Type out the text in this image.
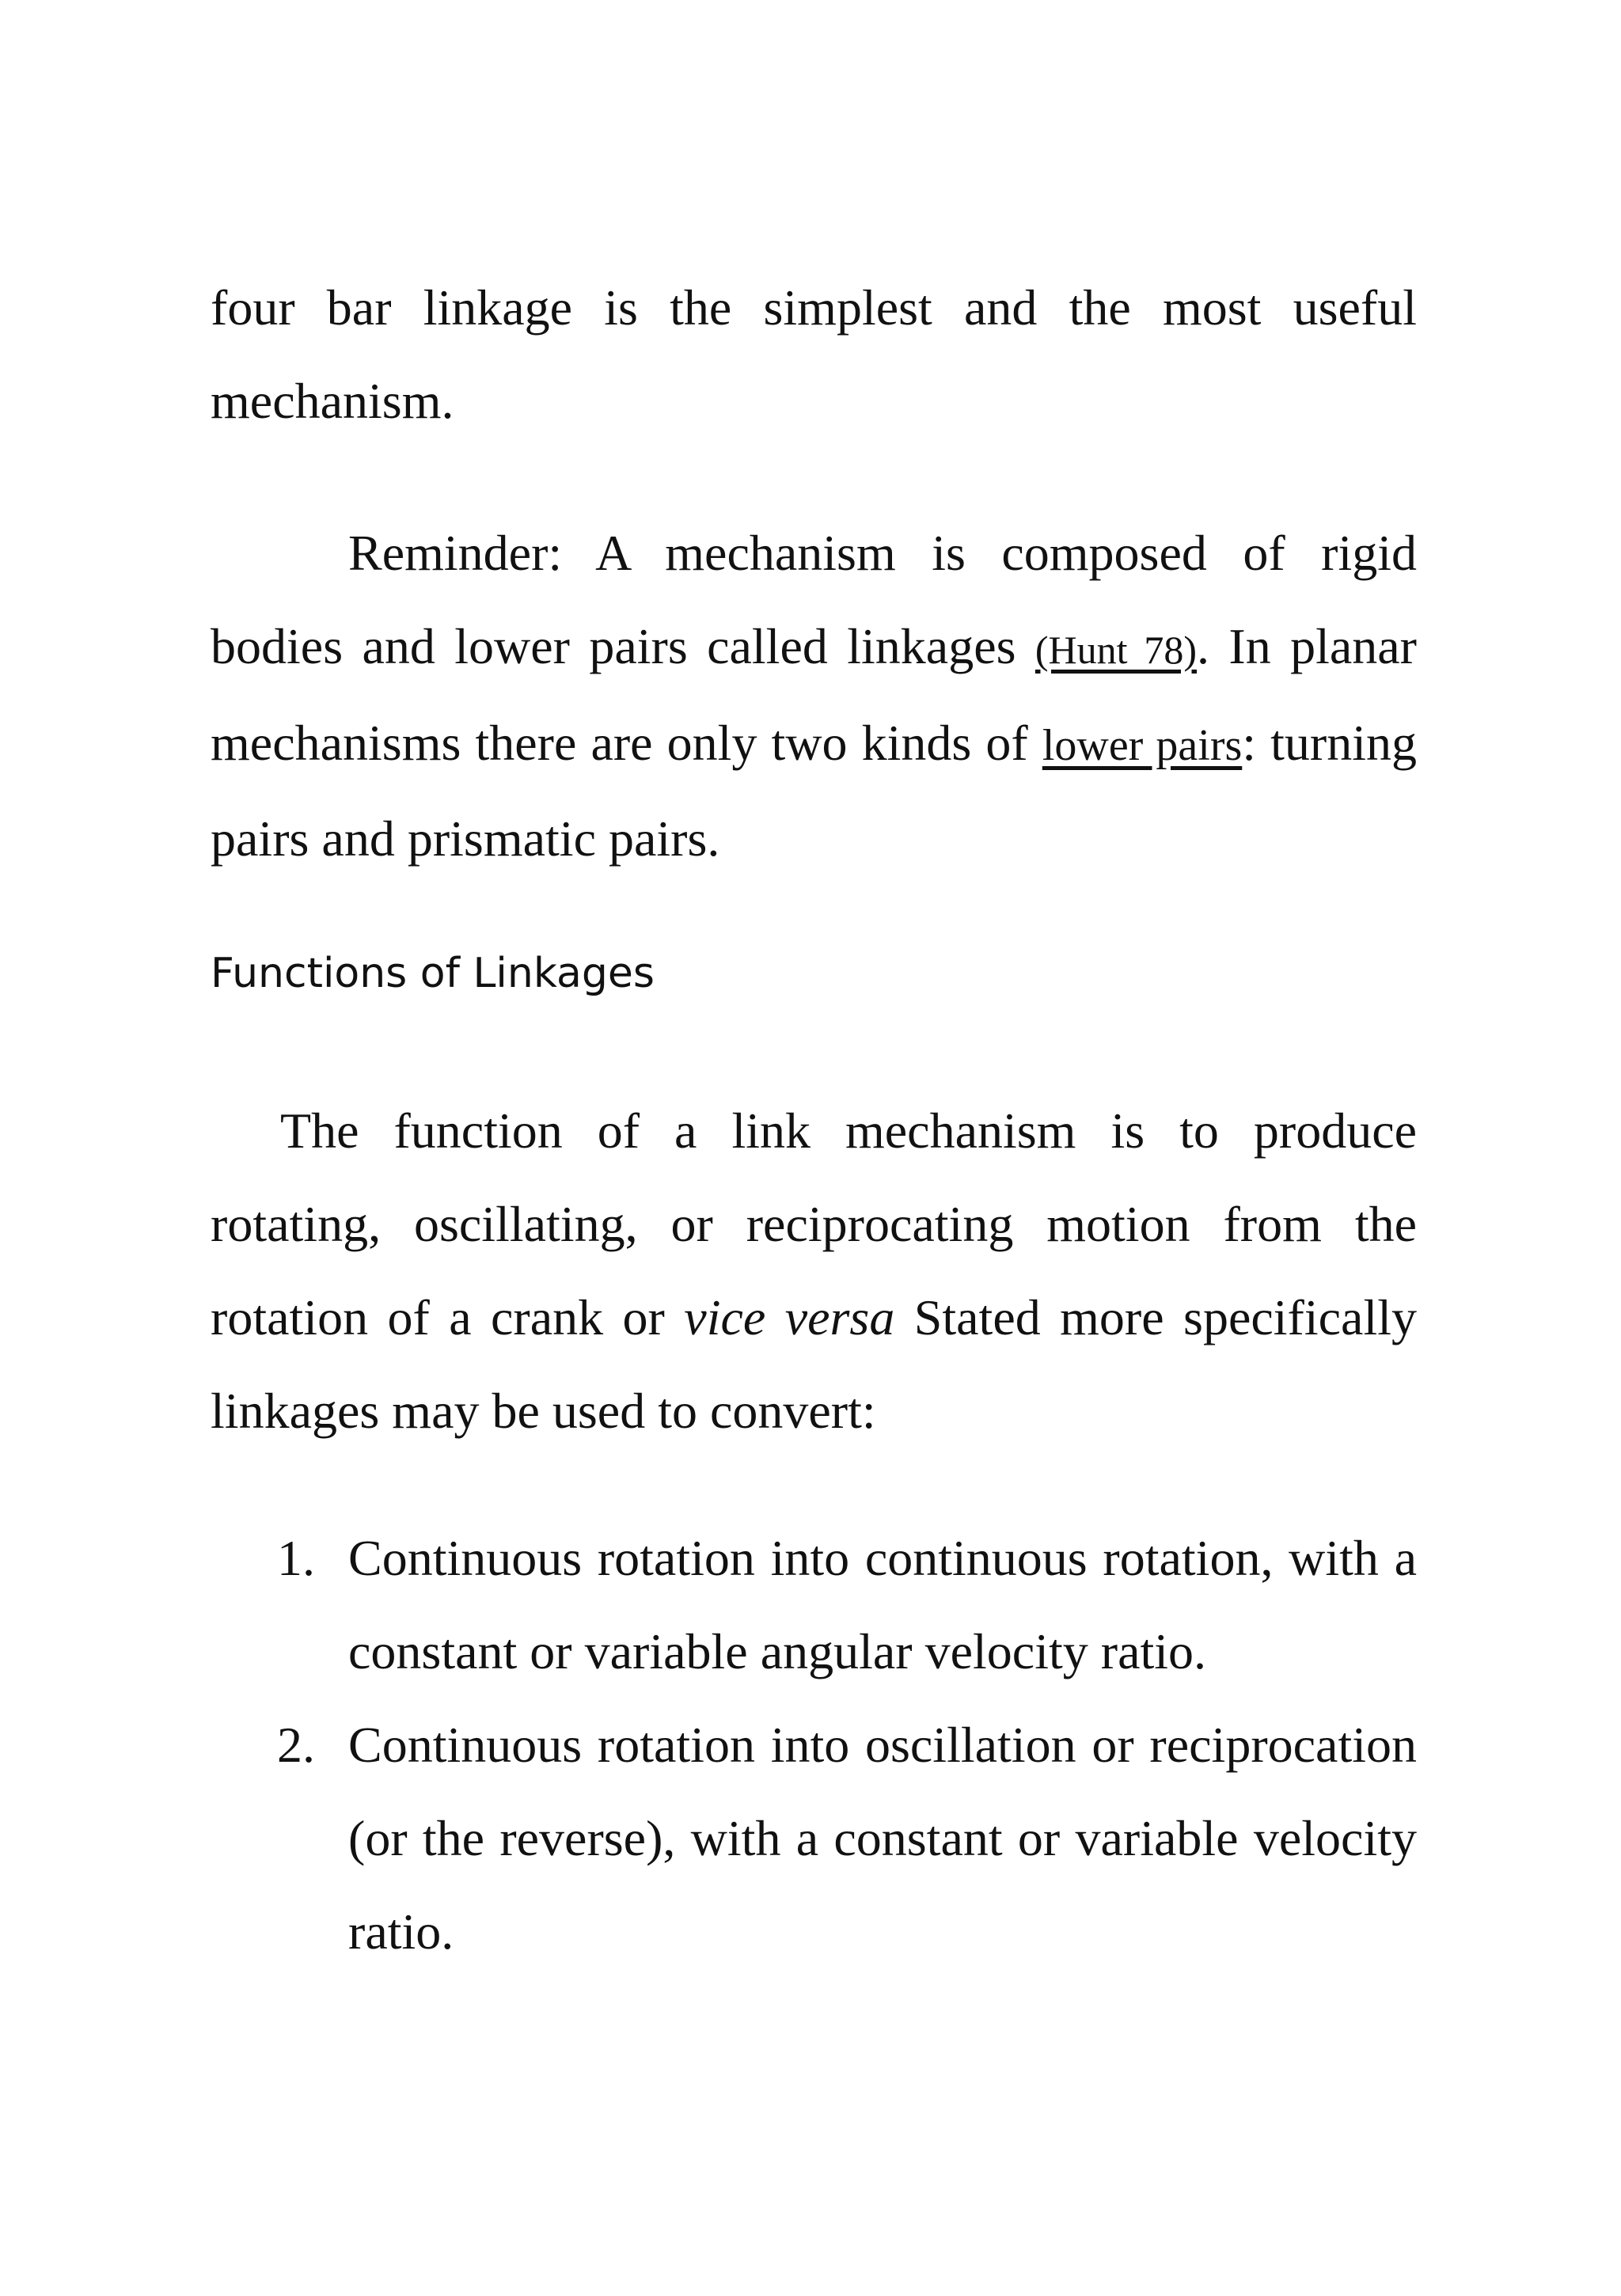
four bar linkage is the simplest and the most useful mechanism.

Reminder: A mechanism is composed of rigid bodies and lower pairs called linkages (Hunt 78). In planar mechanisms there are only two kinds of lower pairs: turning pairs and prismatic pairs.

Functions of Linkages

The function of a link mechanism is to produce rotating, oscillating, or reciprocating motion from the rotation of a crank or vice versa Stated more specifically linkages may be used to convert:

1. Continuous rotation into continuous rotation, with a constant or variable angular velocity ratio.
2. Continuous rotation into oscillation or reciprocation (or the reverse), with a constant or variable velocity ratio.
